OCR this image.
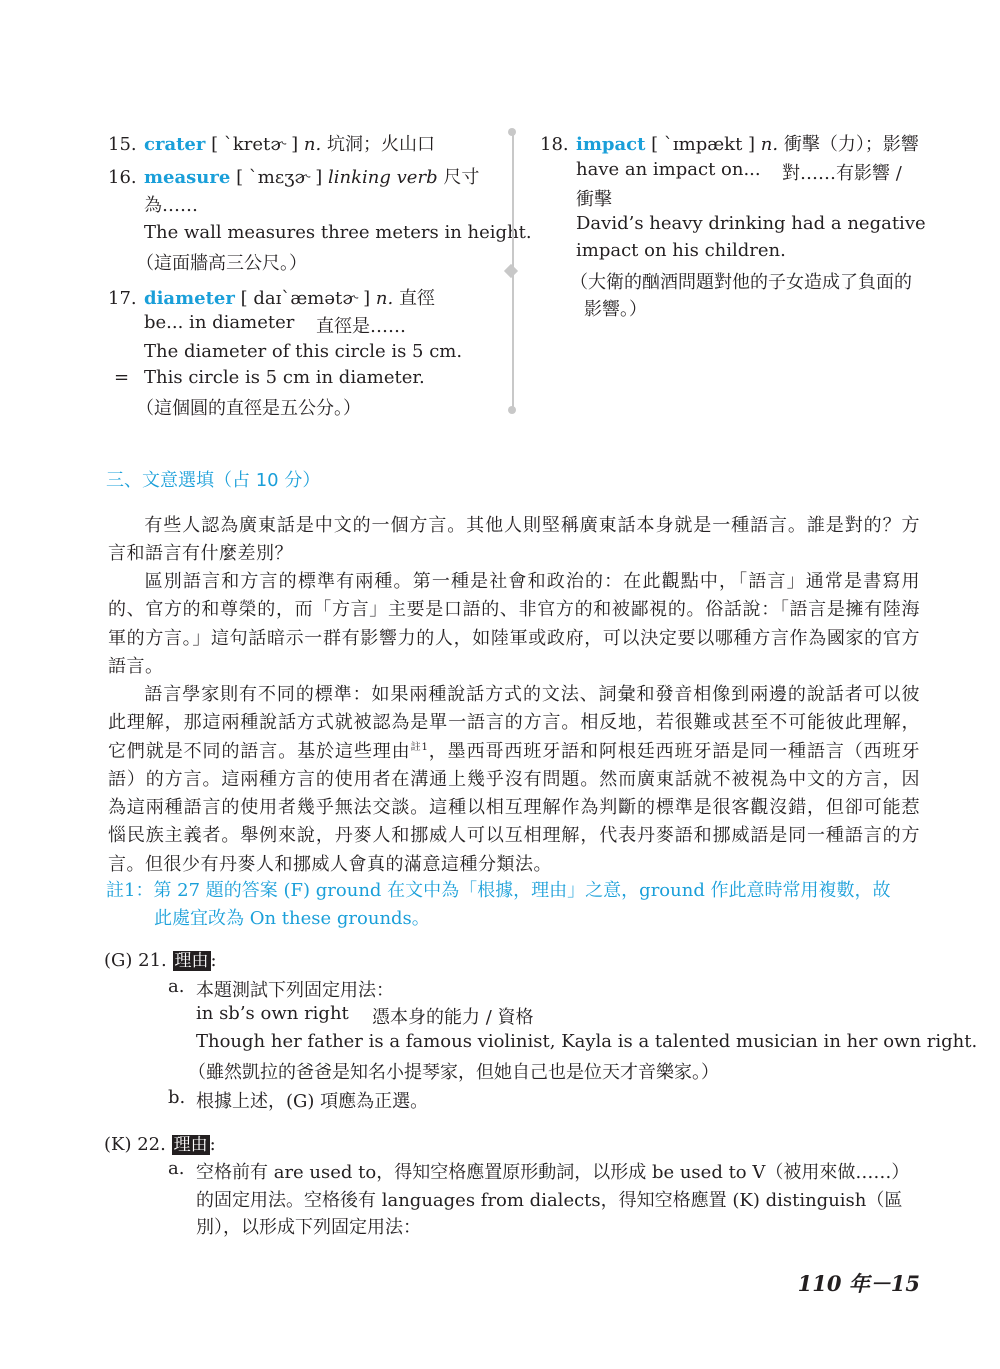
15. crater [ ˋkretɚ ] n. 坑洞；火山口
16. measure [ ˋmɛʒɚ ] linking verb 尺寸
為……
The wall measures three meters in height.
（這面牆高三公尺。）
17. diameter [ daɪˋæmətɚ ] n. 直徑
be... in diameter 直徑是……
The diameter of this circle is 5 cm.
= This circle is 5 cm in diameter.
（這個圓的直徑是五公分。）
18. impact [ ˋɪmpækt ] n. 衝擊（力）；影響
have an impact on... 對……有影響 /
衝擊
David’s heavy drinking had a negative
impact on his children.
（大衛的酗酒問題對他的子女造成了負面的
影響。）
三、文意選填（占 10 分）
有些人認為廣東話是中文的一個方言。其他人則堅稱廣東話本身就是一種語言。誰是對的？方言和語言有什麼差別？
區別語言和方言的標準有兩種。第一種是社會和政治的：在此觀點中，「語言」通常是書寫用的、官方的和尊榮的，而「方言」主要是口語的、非官方的和被鄙視的。俗話說：「語言是擁有陸海軍的方言。」這句話暗示一群有影響力的人，如陸軍或政府，可以決定要以哪種方言作為國家的官方語言。
語言學家則有不同的標準：如果兩種說話方式的文法、詞彙和發音相像到兩邊的說話者可以彼此理解，那這兩種說話方式就被認為是單一語言的方言。相反地，若很難或甚至不可能彼此理解，它們就是不同的語言。基於這些理由$^{註1}$，墨西哥西班牙語和阿根廷西班牙語是同一種語言（西班牙語）的方言。這兩種方言的使用者在溝通上幾乎沒有問題。然而廣東話就不被視為中文的方言，因為這兩種語言的使用者幾乎無法交談。這種以相互理解作為判斷的標準是很客觀沒錯，但卻可能惹惱民族主義者。舉例來說，丹麥人和挪威人可以互相理解，代表丹麥語和挪威語是同一種語言的方言。但很少有丹麥人和挪威人會真的滿意這種分類法。
註1：第 27 題的答案 (F) ground 在文中為「根據，理由」之意，ground 作此意時常用複數，故
此處宜改為 On these grounds。
(G) 21. 理由 :
a. 本題測試下列固定用法：
in sb’s own right 憑本身的能力 / 資格
Though her father is a famous violinist, Kayla is a talented musician in her own right.
（雖然凱拉的爸爸是知名小提琴家，但她自己也是位天才音樂家。）
b. 根據上述，(G) 項應為正選。
(K) 22. 理由 :
a. 空格前有 are used to，得知空格應置原形動詞，以形成 be used to V（被用來做……）
的固定用法。空格後有 languages from dialects，得知空格應置 (K) distinguish（區
別），以形成下列固定用法：
110 年－15
